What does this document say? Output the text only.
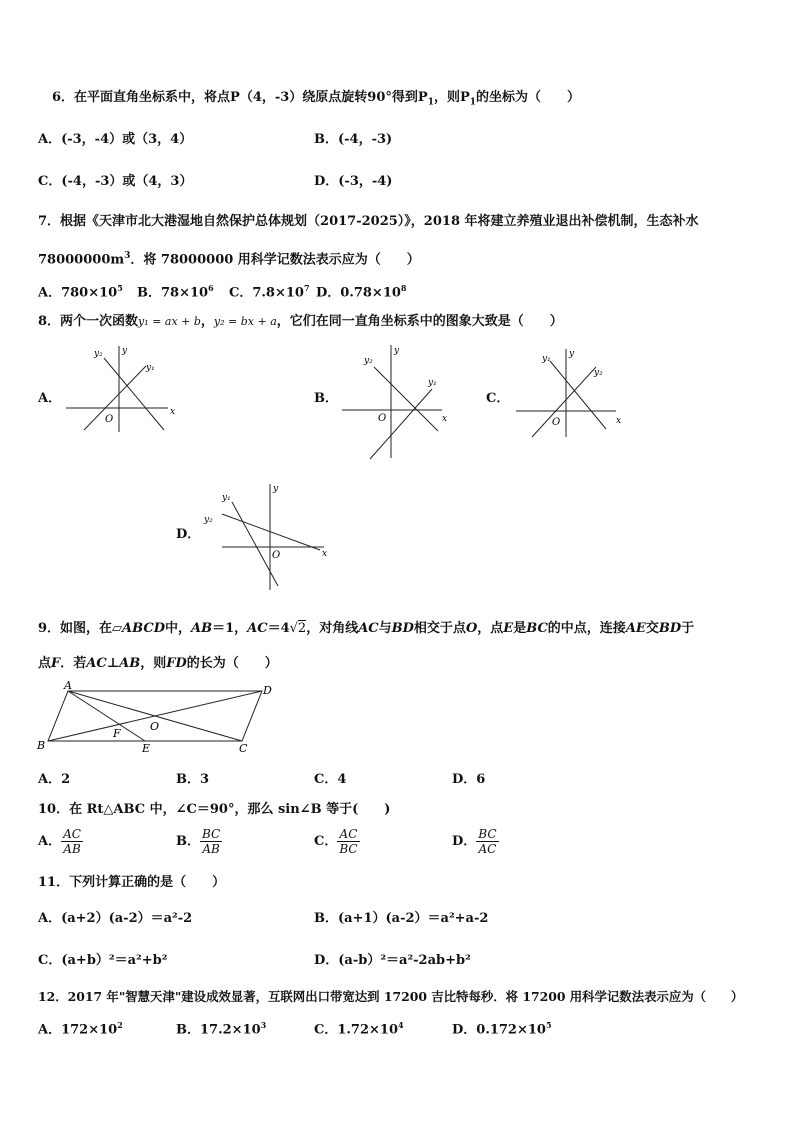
6．在平面直角坐标系中，将点P（4，-3）绕原点旋转90°得到$P_1$，则$P_1$的坐标为（　　）
A．(-3，-4）或（3，4）	B．(-4，-3)
C．(-4，-3）或（4，3）	D．(-3，-4)
7．根据《天津市北大港湿地自然保护总体规划（2017-2025）》，2018 年将建立养殖业退出补偿机制，生态补水
$78000000m^3$．将 78000000 用科学记数法表示应为（　　）
A．$780\times 10^5$ B．$78\times 10^6$ C．$7.8\times 10^7$ D．$0.78\times 10^8$
8．两个一次函数y₁ = ax + b，y₂ = bx + a，它们在同一直角坐标系中的图象大致是（　　）
A．
y₂ y
y₁
x
O
B．
y₂
y
y₁
x
O
C．
y₁ y
y₂
x
O
D．
y₁
y
y₂
x
O
9．如图，在▱ABCD中，AB＝1，AC＝4√2，对角线AC与BD相交于点O，点E是BC的中点，连接AE交BD于
点F．若AC⊥AB，则FD的长为（　　）
A	D
B	C
F
E
O
A．2	B．3	C．4	D．6
10．在 Rt△ABC 中，∠C＝90°，那么 sin∠B 等于(　　)
A． $\frac{AC}{AB}$	B． $\frac{BC}{AB}$	C． $\frac{AC}{BC}$	D． $\frac{BC}{AC}$
11．下列计算正确的是（　　）
A．(a+2）(a-2）＝a²-2	B．(a+1）(a-2）＝a²+a-2
C．(a+b）²＝a²+b²	D．(a-b）²＝a²-2ab+b²
12．2017 年"智慧天津"建设成效显著，互联网出口带宽达到 17200 吉比特每秒．将 17200 用科学记数法表示应为（　　）
A．$172\times 10^2$	B．$17.2\times 10^3$	C．$1.72\times 10^4$	D．$0.172\times 10^5$
